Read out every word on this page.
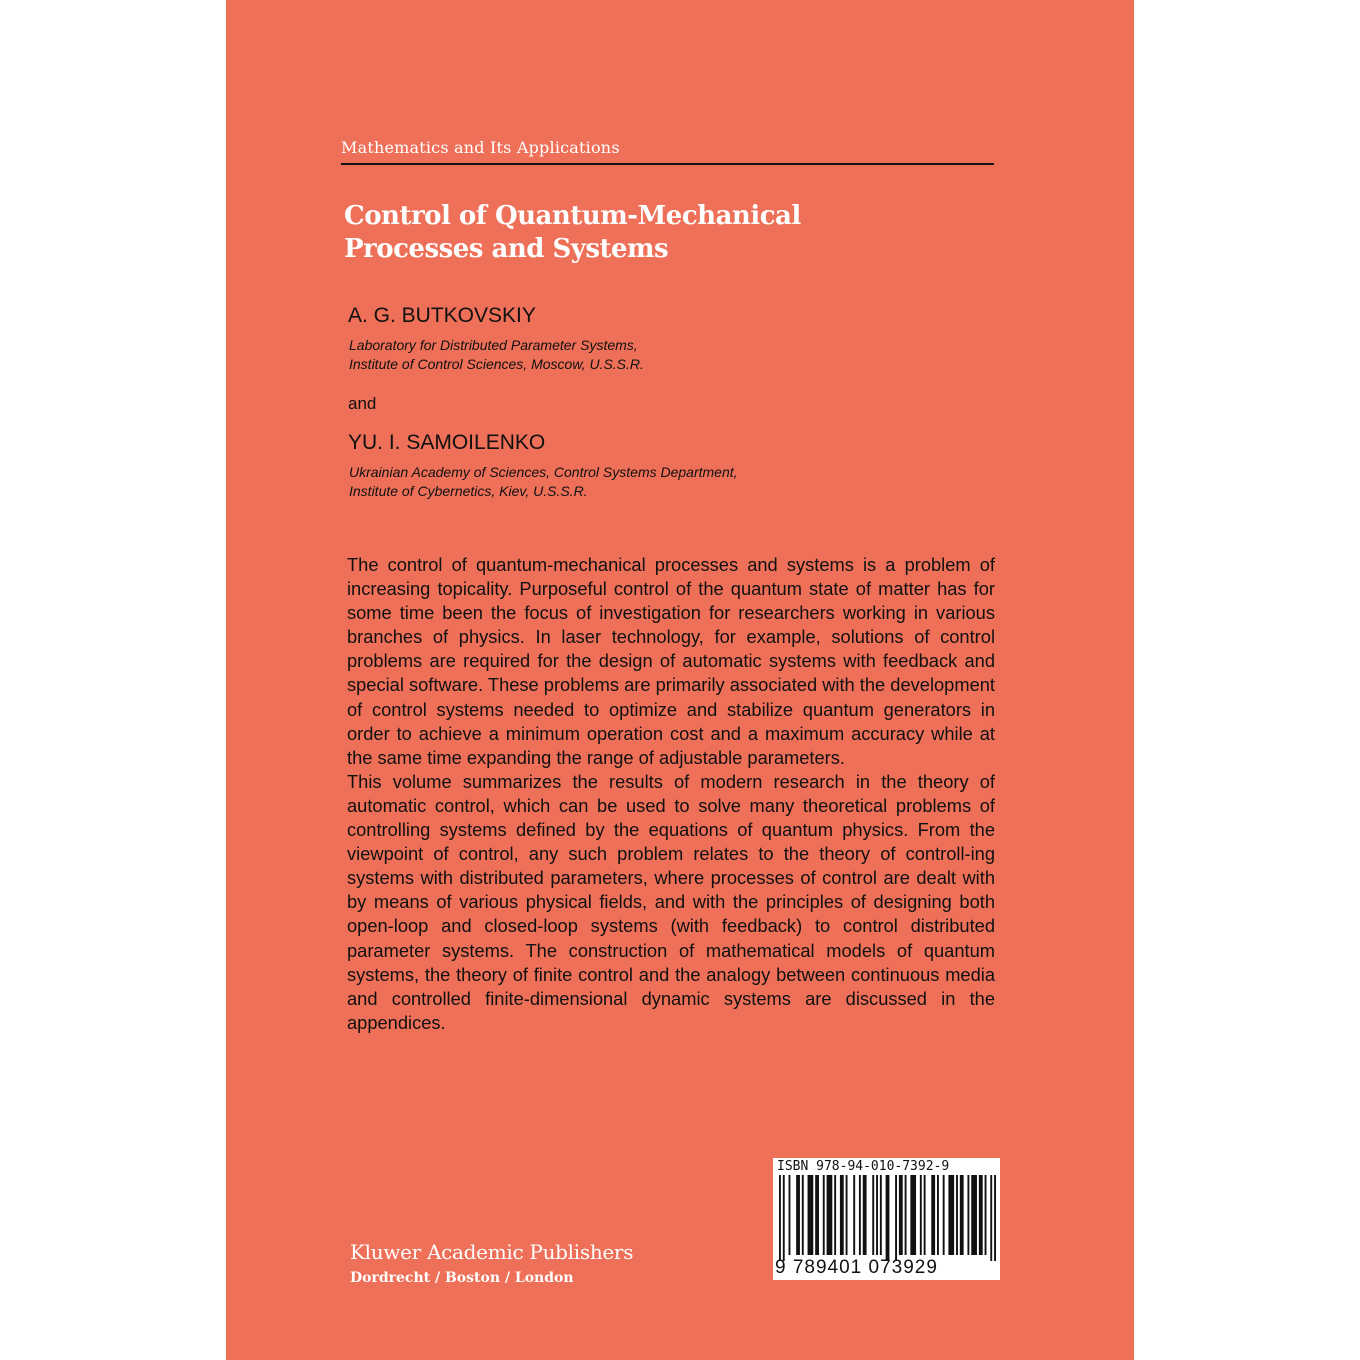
Mathematics and Its Applications
Control of Quantum-Mechanical
Processes and Systems
A. G. BUTKOVSKIY
Laboratory for Distributed Parameter Systems,
Institute of Control Sciences, Moscow, U.S.S.R.
and
YU. I. SAMOILENKO
Ukrainian Academy of Sciences, Control Systems Department,
Institute of Cybernetics, Kiev, U.S.S.R.

The control of quantum-mechanical processes and systems is a problem of increasing topicality. Purposeful control of the quantum state of matter has for some time been the focus of investigation for researchers working in various branches of physics. In laser technology, for example, solutions of control problems are required for the design of automatic systems with feedback and special software. These problems are primarily associated with the development of control systems needed to optimize and stabilize quantum generators in order to achieve a minimum operation cost and a maximum accuracy while at the same time expanding the range of adjustable parameters.

This volume summarizes the results of modern research in the theory of automatic control, which can be used to solve many theoretical problems of controlling systems defined by the equations of quantum physics. From the viewpoint of control, any such problem relates to the theory of controll-ing systems with distributed parameters, where processes of control are dealt with by means of various physical fields, and with the principles of designing both open-loop and closed-loop systems (with feedback) to control distributed parameter systems. The construction of mathematical models of quantum systems, the theory of finite control and the analogy between continuous media and controlled finite-dimensional dynamic systems are discussed in the appendices.

Kluwer Academic Publishers
Dordrecht / Boston / London
ISBN 978-94-010-7392-9
9 789401 073929
